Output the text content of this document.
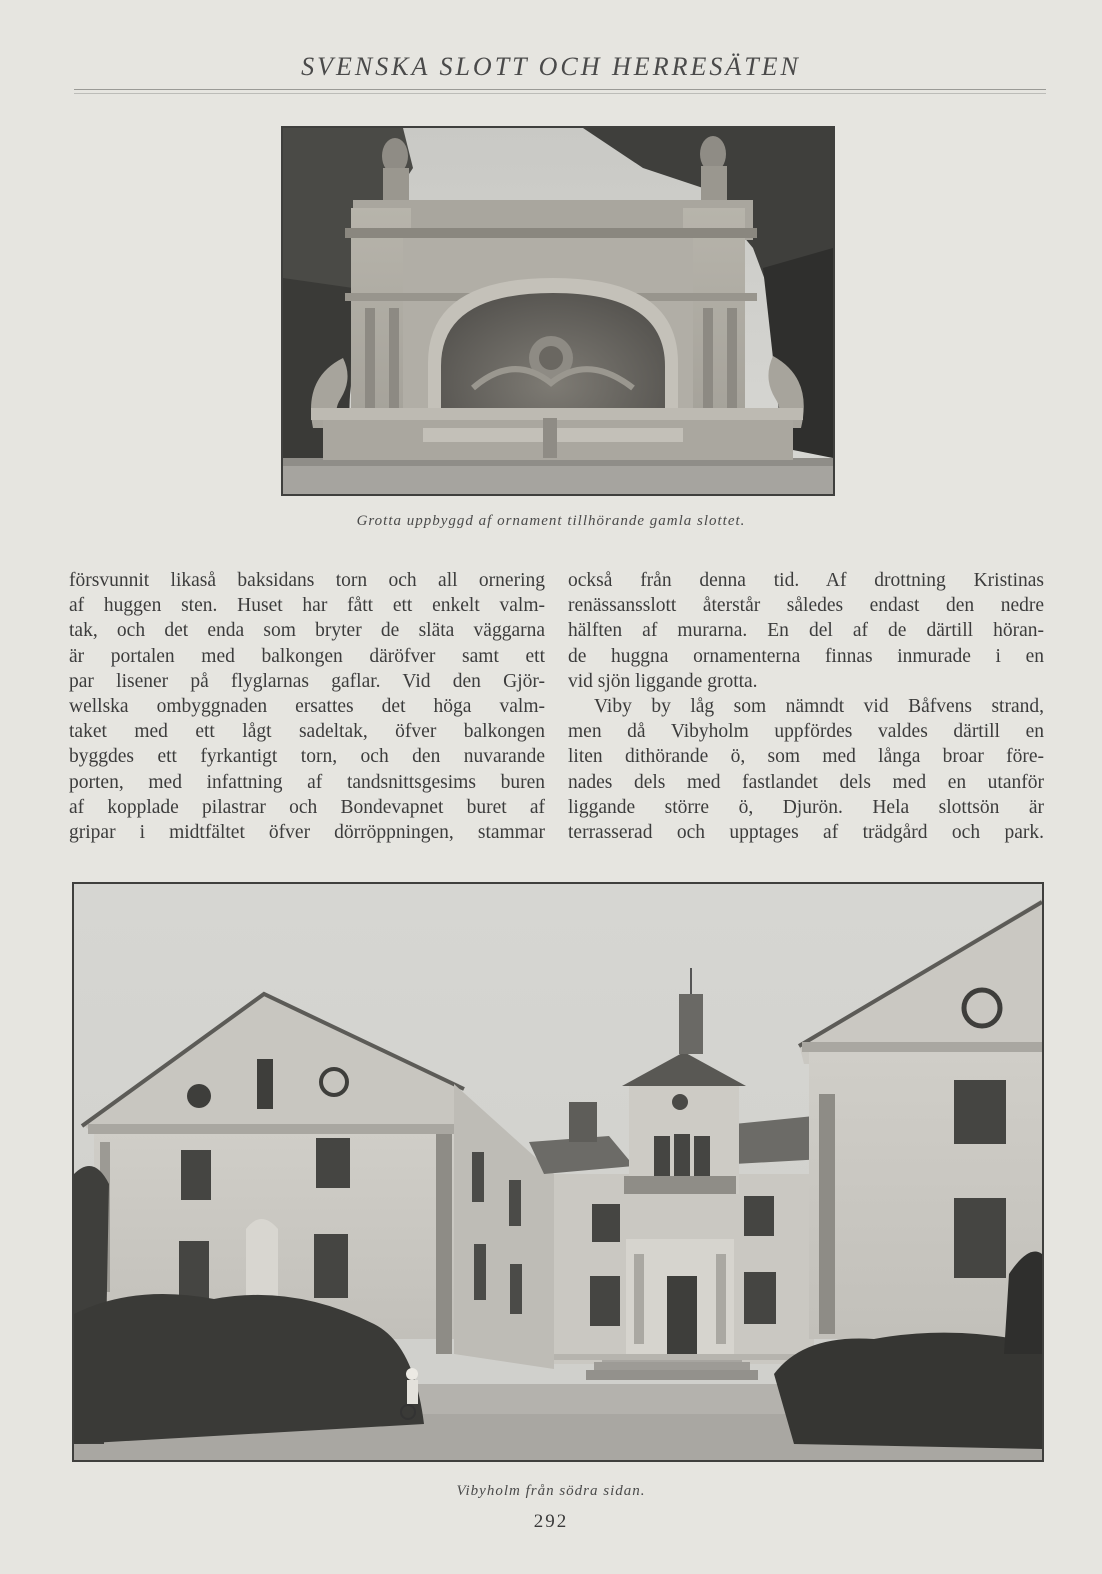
SVENSKA SLOTT OCH HERRESÄTEN
Grotta uppbyggd af ornament tillhörande gamla slottet.
försvunnit likaså baksidans torn och all ornering
af huggen sten. Huset har fått ett enkelt valm-
tak, och det enda som bryter de släta väggarna
är portalen med balkongen däröfver samt ett
par lisener på flyglarnas gaflar. Vid den Gjör-
wellska ombyggnaden ersattes det höga valm-
taket med ett lågt sadeltak, öfver balkongen
byggdes ett fyrkantigt torn, och den nuvarande
porten, med infattning af tandsnittsgesims buren
af kopplade pilastrar och Bondevapnet buret af
gripar i midtfältet öfver dörröppningen, stammar
också från denna tid. Af drottning Kristinas
renässansslott återstår således endast den nedre
hälften af murarna. En del af de därtill höran-
de huggna ornamenterna finnas inmurade i en
vid sjön liggande grotta.
Viby by låg som nämndt vid Båfvens strand,
men då Vibyholm uppfördes valdes därtill en
liten dithörande ö, som med långa broar före-
nades dels med fastlandet dels med en utanför
liggande större ö, Djurön. Hela slottsön är
terrasserad och upptages af trädgård och park.
Vibyholm från södra sidan.
292
